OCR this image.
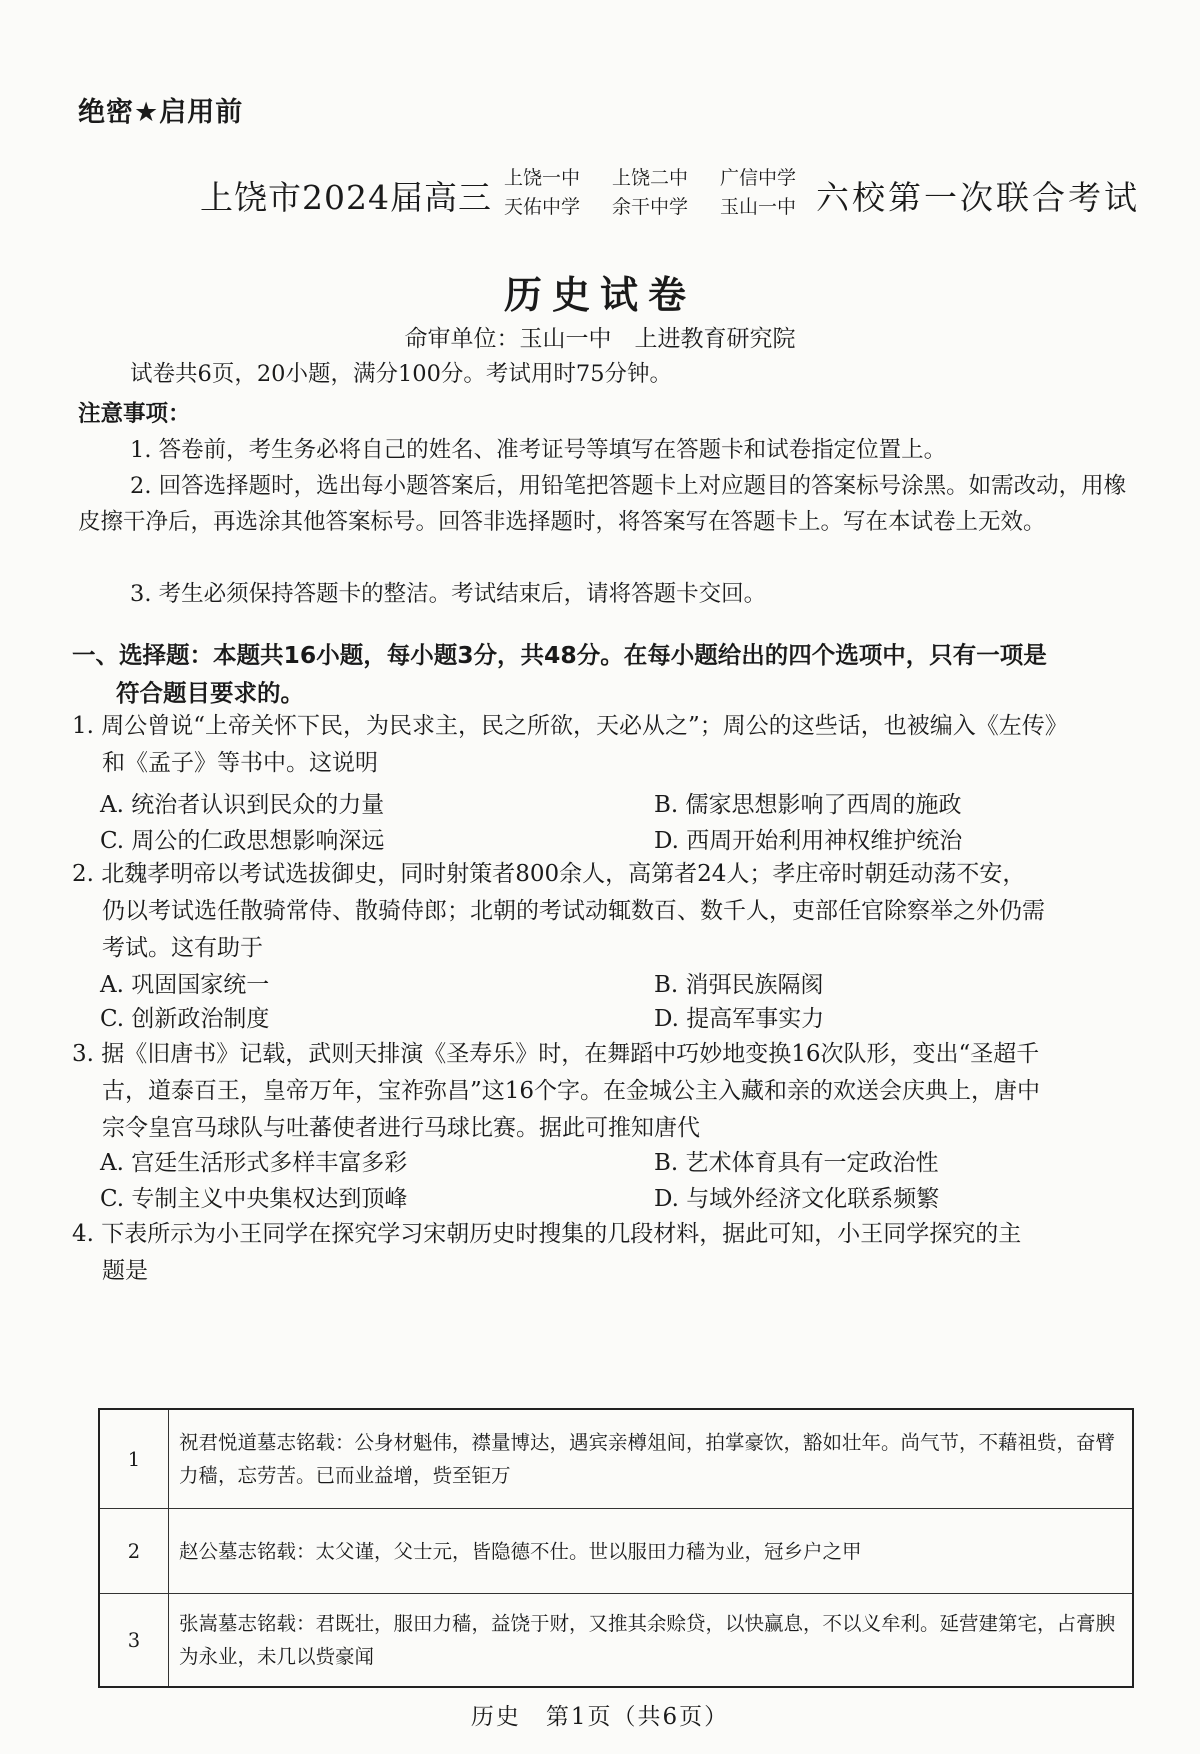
绝密★启用前
上饶市2024届高三 上饶一中 上饶二中 广信中学
天佑中学 余干中学 玉山一中 六校第一次联合考试
历史试卷
命审单位：玉山一中　上进教育研究院
试卷共6页，20小题，满分100分。考试用时75分钟。
注意事项：
1. 答卷前，考生务必将自己的姓名、准考证号等填写在答题卡和试卷指定位置上。
2. 回答选择题时，选出每小题答案后，用铅笔把答题卡上对应题目的答案标号涂黑。如需改动，用橡皮擦干净后，再选涂其他答案标号。回答非选择题时，将答案写在答题卡上。写在本试卷上无效。
3. 考生必须保持答题卡的整洁。考试结束后，请将答题卡交回。
一、选择题：本题共16小题，每小题3分，共48分。在每小题给出的四个选项中，只有一项是
符合题目要求的。
1. 周公曾说“上帝关怀下民，为民求主，民之所欲，天必从之”；周公的这些话，也被编入《左传》
和《孟子》等书中。这说明
A. 统治者认识到民众的力量	B. 儒家思想影响了西周的施政
C. 周公的仁政思想影响深远	D. 西周开始利用神权维护统治
2. 北魏孝明帝以考试选拔御史，同时射策者800余人，高第者24人；孝庄帝时朝廷动荡不安，
仍以考试选任散骑常侍、散骑侍郎；北朝的考试动辄数百、数千人，吏部任官除察举之外仍需
考试。这有助于
A. 巩固国家统一	B. 消弭民族隔阂
C. 创新政治制度	D. 提高军事实力
3. 据《旧唐书》记载，武则天排演《圣寿乐》时，在舞蹈中巧妙地变换16次队形，变出“圣超千
古，道泰百王，皇帝万年，宝祚弥昌”这16个字。在金城公主入藏和亲的欢送会庆典上，唐中
宗令皇宫马球队与吐蕃使者进行马球比赛。据此可推知唐代
A. 宫廷生活形式多样丰富多彩	B. 艺术体育具有一定政治性
C. 专制主义中央集权达到顶峰	D. 与域外经济文化联系频繁
4. 下表所示为小王同学在探究学习宋朝历史时搜集的几段材料，据此可知，小王同学探究的主
题是
1	祝君悦道墓志铭载：公身材魁伟，襟量博达，遇宾亲樽俎间，拍掌豪饮，豁如壮年。尚气节，不藉祖赀，奋臂力穑，忘劳苦。已而业益增，赀至钜万
2	赵公墓志铭载：太父谨，父士元，皆隐德不仕。世以服田力穑为业，冠乡户之甲
3	张嵩墓志铭载：君既壮，服田力穑，益饶于财，又推其余赊贷，以快赢息，不以义牟利。延营建第宅，占膏腴为永业，未几以赀豪闻
历史　第1页（共6页）
